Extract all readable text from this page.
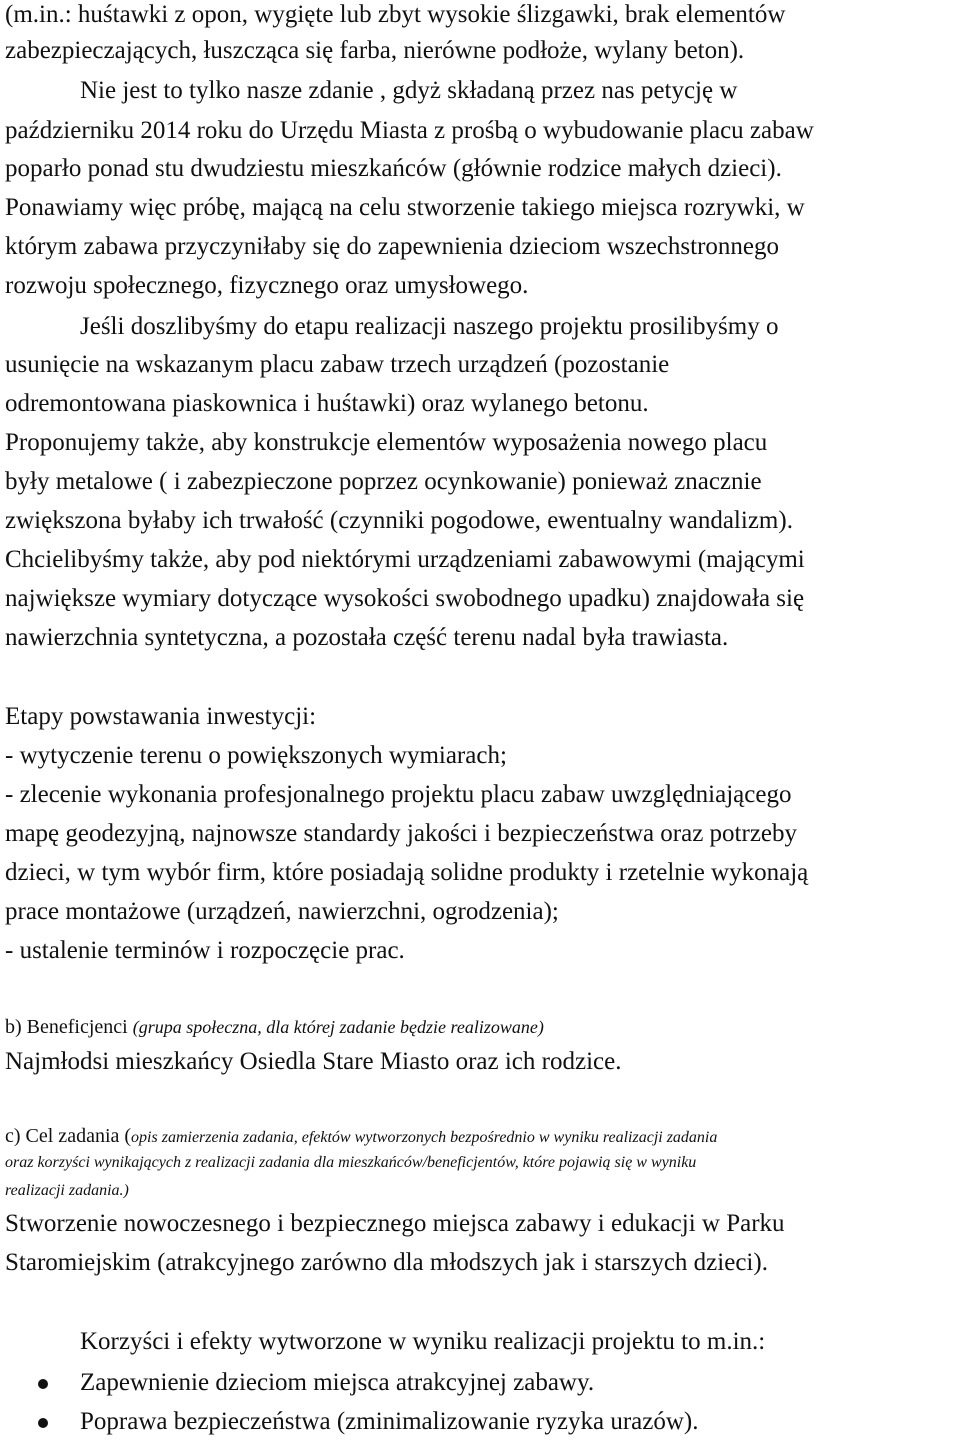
(m.in.: huśtawki z opon, wygięte lub zbyt wysokie ślizgawki, brak elementów

zabezpieczających, łuszcząca się farba, nierówne podłoże, wylany beton).

Nie jest to tylko nasze zdanie , gdyż składaną przez nas petycję w

październiku 2014 roku do Urzędu Miasta z prośbą o wybudowanie placu zabaw

poparło ponad stu dwudziestu mieszkańców (głównie rodzice małych dzieci).

Ponawiamy więc próbę, mającą na celu stworzenie takiego miejsca rozrywki, w

którym zabawa przyczyniłaby się do zapewnienia dzieciom wszechstronnego

rozwoju społecznego, fizycznego oraz umysłowego.

Jeśli doszlibyśmy do etapu realizacji naszego projektu prosilibyśmy o

usunięcie na wskazanym placu zabaw trzech urządzeń (pozostanie

odremontowana piaskownica i huśtawki) oraz wylanego betonu.

Proponujemy także, aby konstrukcje elementów wyposażenia nowego placu

były metalowe ( i zabezpieczone poprzez ocynkowanie) ponieważ znacznie

zwiększona byłaby ich trwałość (czynniki pogodowe, ewentualny wandalizm).

Chcielibyśmy także, aby pod niektórymi urządzeniami zabawowymi (mającymi

największe wymiary dotyczące wysokości swobodnego upadku) znajdowała się

nawierzchnia syntetyczna, a pozostała część terenu nadal była trawiasta.

Etapy powstawania inwestycji:

- wytyczenie terenu o powiększonych wymiarach;

- zlecenie wykonania profesjonalnego projektu placu zabaw uwzględniającego

mapę geodezyjną, najnowsze standardy jakości i bezpieczeństwa oraz potrzeby

dzieci, w tym wybór firm, które posiadają solidne produkty i rzetelnie wykonają

prace montażowe (urządzeń, nawierzchni, ogrodzenia);

- ustalenie terminów i rozpoczęcie prac.

b) Beneficjenci (grupa społeczna, dla której zadanie będzie realizowane)

Najmłodsi mieszkańcy Osiedla Stare Miasto oraz ich rodzice.

c) Cel zadania (opis zamierzenia zadania, efektów wytworzonych bezpośrednio w wyniku realizacji zadania

oraz korzyści wynikających z realizacji zadania dla mieszkańców/beneficjentów, które pojawią się w wyniku

realizacji zadania.)

Stworzenie nowoczesnego i bezpiecznego miejsca zabawy i edukacji w Parku

Staromiejskim (atrakcyjnego zarówno dla młodszych jak i starszych dzieci).

Korzyści i efekty wytworzone w wyniku realizacji projektu to m.in.:

Zapewnienie dzieciom miejsca atrakcyjnej zabawy.

Poprawa bezpieczeństwa (zminimalizowanie ryzyka urazów).
